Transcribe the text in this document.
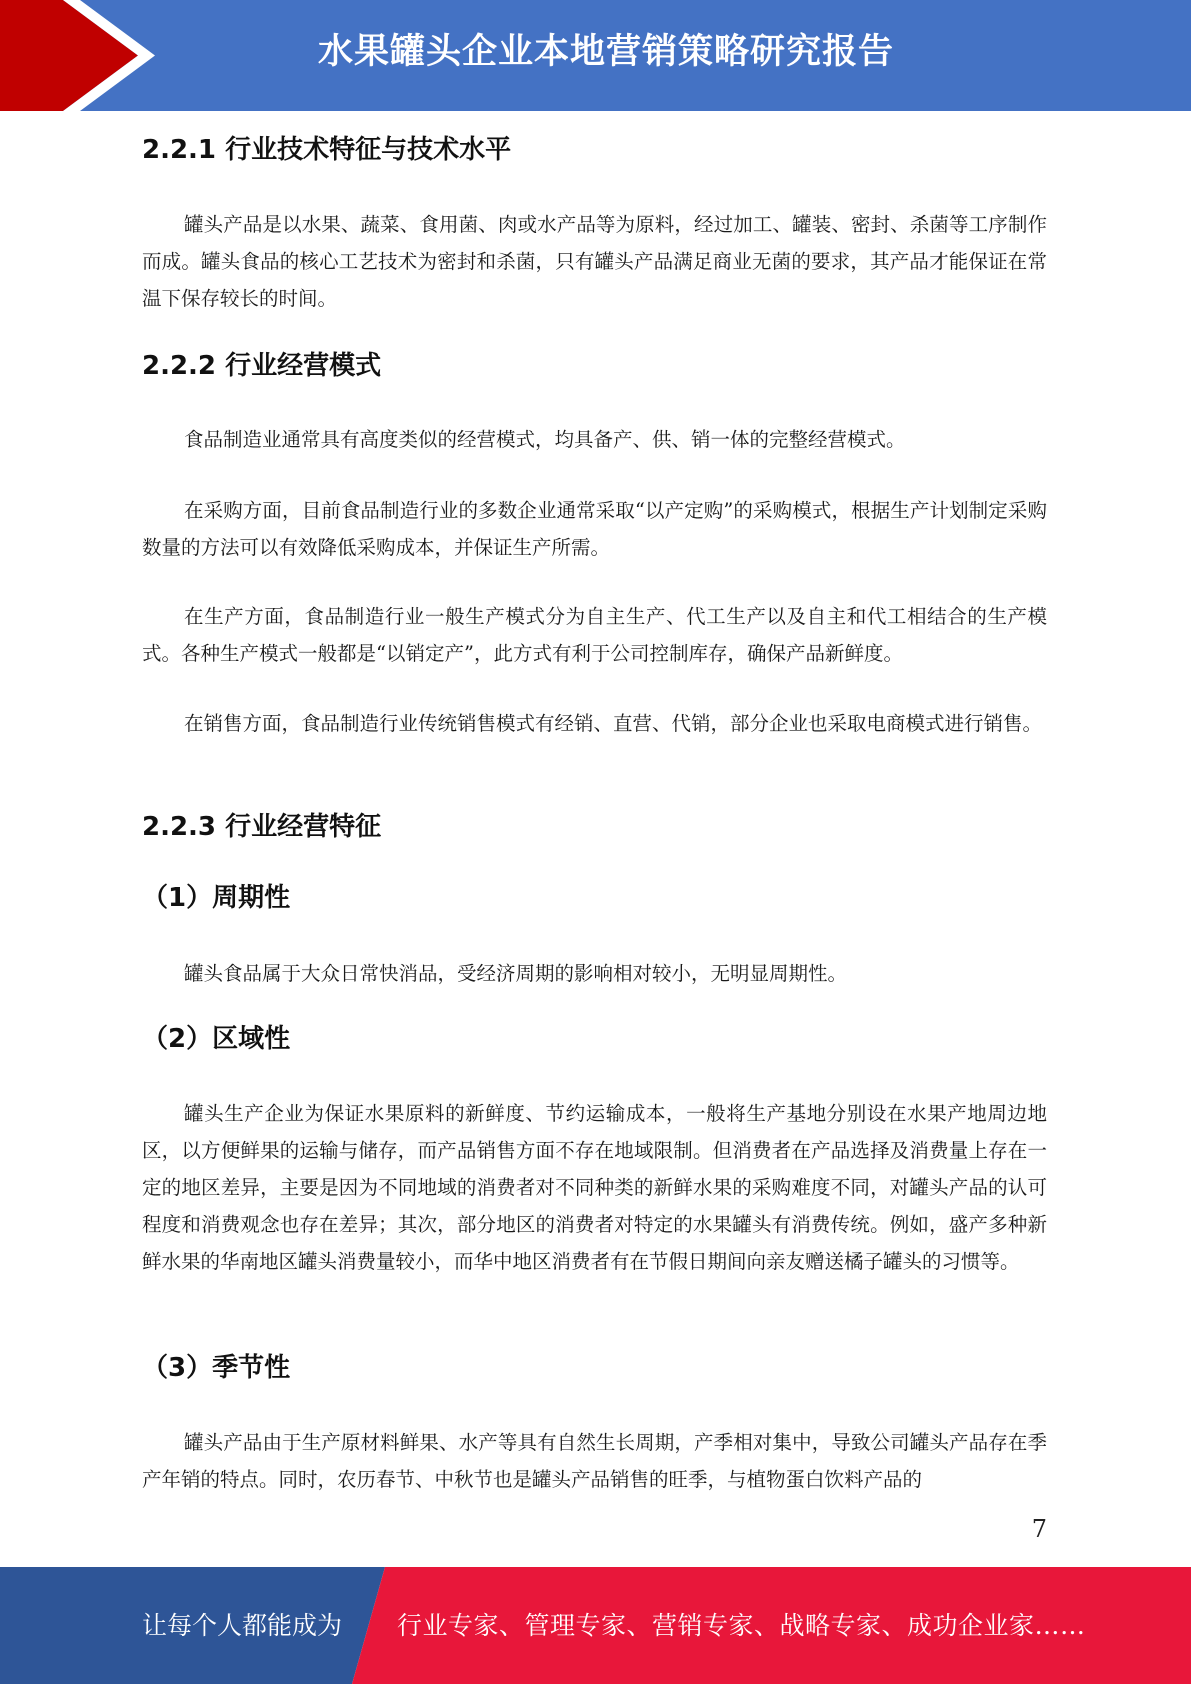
水果罐头企业本地营销策略研究报告
2.2.1 行业技术特征与技术水平

罐头产品是以水果、蔬菜、食用菌、肉或水产品等为原料，经过加工、罐装、密封、杀菌等工序制作而成。罐头食品的核心工艺技术为密封和杀菌，只有罐头产品满足商业无菌的要求，其产品才能保证在常温下保存较长的时间。

2.2.2 行业经营模式

食品制造业通常具有高度类似的经营模式，均具备产、供、销一体的完整经营模式。

在采购方面，目前食品制造行业的多数企业通常采取“以产定购”的采购模式，根据生产计划制定采购数量的方法可以有效降低采购成本，并保证生产所需。

在生产方面，食品制造行业一般生产模式分为自主生产、代工生产以及自主和代工相结合的生产模式。各种生产模式一般都是“以销定产”，此方式有利于公司控制库存，确保产品新鲜度。

在销售方面，食品制造行业传统销售模式有经销、直营、代销，部分企业也采取电商模式进行销售。

2.2.3 行业经营特征
（1）周期性

罐头食品属于大众日常快消品，受经济周期的影响相对较小，无明显周期性。

（2）区域性

罐头生产企业为保证水果原料的新鲜度、节约运输成本，一般将生产基地分别设在水果产地周边地区，以方便鲜果的运输与储存，而产品销售方面不存在地域限制。但消费者在产品选择及消费量上存在一定的地区差异，主要是因为不同地域的消费者对不同种类的新鲜水果的采购难度不同，对罐头产品的认可程度和消费观念也存在差异；其次，部分地区的消费者对特定的水果罐头有消费传统。例如，盛产多种新鲜水果的华南地区罐头消费量较小，而华中地区消费者有在节假日期间向亲友赠送橘子罐头的习惯等。

（3）季节性

罐头产品由于生产原材料鲜果、水产等具有自然生长周期，产季相对集中，导致公司罐头产品存在季产年销的特点。同时，农历春节、中秋节也是罐头产品销售的旺季，与植物蛋白饮料产品的

7
让每个人都能成为 行业专家、管理专家、营销专家、战略专家、成功企业家……
